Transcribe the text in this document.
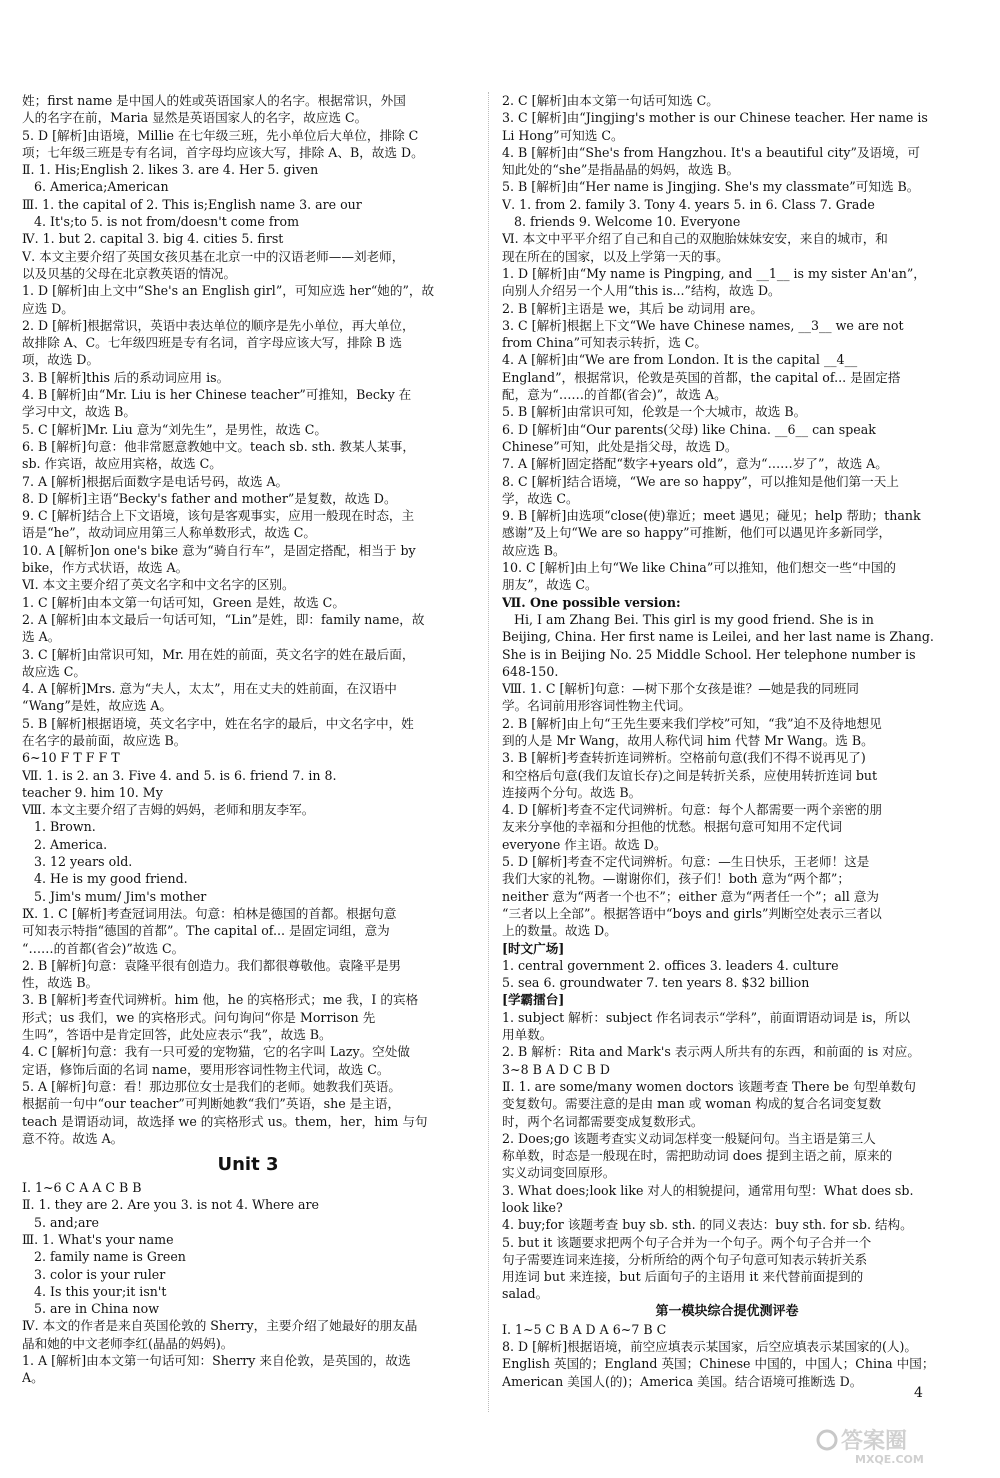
姓；first name 是中国人的姓或英语国家人的名字。根据常识，外国
人的名字在前，Maria 显然是英语国家人的名字，故应选 C。
5. D [解析]由语境，Millie 在七年级三班，先小单位后大单位，排除 C
项；七年级三班是专有名词，首字母均应该大写，排除 A、B，故选 D。
Ⅱ. 1. His;English 2. likes 3. are 4. Her 5. given
6. America;American
Ⅲ. 1. the capital of 2. This is;English name 3. are our
4. It's;to 5. is not from/doesn't come from
Ⅳ. 1. but 2. capital 3. big 4. cities 5. first
Ⅴ. 本文主要介绍了英国女孩贝基在北京一中的汉语老师——刘老师，
以及贝基的父母在北京教英语的情况。
1. D [解析]由上文中“She's an English girl”，可知应选 her“她的”，故
应选 D。
2. D [解析]根据常识，英语中表达单位的顺序是先小单位，再大单位，
故排除 A、C。七年级四班是专有名词，首字母应该大写，排除 B 选
项，故选 D。
3. B [解析]this 后的系动词应用 is。
4. B [解析]由“Mr. Liu is her Chinese teacher”可推知，Becky 在
学习中文，故选 B。
5. C [解析]Mr. Liu 意为“刘先生”，是男性，故选 C。
6. B [解析]句意：他非常愿意教她中文。teach sb. sth. 教某人某事，
sb. 作宾语，故应用宾格，故选 C。
7. A [解析]根据后面数字是电话号码，故选 A。
8. D [解析]主语“Becky's father and mother”是复数，故选 D。
9. C [解析]结合上下文语境，该句是客观事实，应用一般现在时态，主
语是“he”，故动词应用第三人称单数形式，故选 C。
10. A [解析]on one's bike 意为“骑自行车”，是固定搭配，相当于 by
bike，作方式状语，故选 A。
Ⅵ. 本文主要介绍了英文名字和中文名字的区别。
1. C [解析]由本文第一句话可知，Green 是姓，故选 C。
2. A [解析]由本文最后一句话可知，“Lin”是姓，即：family name，故
选 A。
3. C [解析]由常识可知，Mr. 用在姓的前面，英文名字的姓在最后面，
故应选 C。
4. A [解析]Mrs. 意为“夫人，太太”，用在丈夫的姓前面，在汉语中
“Wang”是姓，故应选 A。
5. B [解析]根据语境，英文名字中，姓在名字的最后，中文名字中，姓
在名字的最前面，故应选 B。
6~10 F T F F T
Ⅶ. 1. is 2. an 3. Five 4. and 5. is 6. friend 7. in 8.
teacher 9. him 10. My
Ⅷ. 本文主要介绍了吉姆的妈妈，老师和朋友李军。
1. Brown.
2. America.
3. 12 years old.
4. He is my good friend.
5. Jim's mum/ Jim's mother
Ⅸ. 1. C [解析]考查冠词用法。句意：柏林是德国的首都。根据句意
可知表示特指“德国的首都”。The capital of... 是固定词组，意为
“……的首都(省会)”故选 C。
2. B [解析]句意：袁隆平很有创造力。我们都很尊敬他。袁隆平是男
性，故选 B。
3. B [解析]考查代词辨析。him 他，he 的宾格形式；me 我，I 的宾格
形式；us 我们，we 的宾格形式。问句询问“你是 Morrison 先
生吗”，答语中是肯定回答，此处应表示“我”，故选 B。
4. C [解析]句意：我有一只可爱的宠物猫，它的名字叫 Lazy。空处做
定语，修饰后面的名词 name，要用形容词性物主代词，故选 C。
5. A [解析]句意：看！那边那位女士是我们的老师。她教我们英语。
根据前一句中“our teacher”可判断她教“我们”英语，she 是主语，
teach 是谓语动词，故选择 we 的宾格形式 us。them，her，him 与句
意不符。故选 A。
Unit 3
Ⅰ. 1~6 C A A C B B
Ⅱ. 1. they are 2. Are you 3. is not 4. Where are
5. and;are
Ⅲ. 1. What's your name
2. family name is Green
3. color is your ruler
4. Is this your;it isn't
5. are in China now
Ⅳ. 本文的作者是来自英国伦敦的 Sherry，主要介绍了她最好的朋友晶
晶和她的中文老师李红(晶晶的妈妈)。
1. A [解析]由本文第一句话可知：Sherry 来自伦敦，是英国的，故选
A。
2. C [解析]由本文第一句话可知选 C。
3. C [解析]由“Jingjing's mother is our Chinese teacher. Her name is
Li Hong”可知选 C。
4. B [解析]由“She's from Hangzhou. It's a beautiful city”及语境，可
知此处的“she”是指晶晶的妈妈，故选 B。
5. B [解析]由“Her name is Jingjing. She's my classmate”可知选 B。
Ⅴ. 1. from 2. family 3. Tony 4. years 5. in 6. Class 7. Grade
8. friends 9. Welcome 10. Everyone
Ⅵ. 本文中平平介绍了自己和自己的双胞胎妹妹安安，来自的城市，和
现在所在的国家，以及上学第一天的事。
1. D [解析]由“My name is Pingping, and __1__ is my sister An'an”，
向别人介绍另一个人用“this is...”结构，故选 D。
2. B [解析]主语是 we，其后 be 动词用 are。
3. C [解析]根据上下文“We have Chinese names, __3__ we are not
from China”可知表示转折，选 C。
4. A [解析]由“We are from London. It is the capital __4__
England”，根据常识，伦敦是英国的首都，the capital of... 是固定搭
配，意为“……的首都(省会)”，故选 A。
5. B [解析]由常识可知，伦敦是一个大城市，故选 B。
6. D [解析]由“Our parents(父母) like China. __6__ can speak
Chinese”可知，此处是指父母，故选 D。
7. A [解析]固定搭配“数字+years old”，意为“……岁了”，故选 A。
8. C [解析]结合语境，“We are so happy”，可以推知是他们第一天上
学，故选 C。
9. B [解析]由选项“close(使)靠近；meet 遇见；碰见；help 帮助；thank
感谢”及上句“We are so happy”可推断，他们可以遇见许多新同学，
故应选 B。
10. C [解析]由上句“We like China”可以推知，他们想交一些“中国的
朋友”，故选 C。
Ⅶ. One possible version:
Hi, I am Zhang Bei. This girl is my good friend. She is in
Beijing, China. Her first name is Leilei, and her last name is Zhang.
She is in Beijing No. 25 Middle School. Her telephone number is
648-150.
Ⅷ. 1. C [解析]句意：—树下那个女孩是谁？—她是我的同班同
学。名词前用形容词性物主代词。
2. B [解析]由上句“王先生要来我们学校”可知，“我”迫不及待地想见
到的人是 Mr Wang，故用人称代词 him 代替 Mr Wang。选 B。
3. B [解析]考查转折连词辨析。空格前句意(我们不得不说再见了)
和空格后句意(我们友谊长存)之间是转折关系，应使用转折连词 but
连接两个分句。故选 B。
4. D [解析]考查不定代词辨析。句意：每个人都需要一两个亲密的朋
友来分享他的幸福和分担他的忧愁。根据句意可知用不定代词
everyone 作主语。故选 D。
5. D [解析]考查不定代词辨析。句意：—生日快乐，王老师！这是
我们大家的礼物。—谢谢你们，孩子们！both 意为“两个都”；
neither 意为“两者一个也不”；either 意为“两者任一个”；all 意为
“三者以上全部”。根据答语中“boys and girls”判断空处表示三者以
上的数量。故选 D。
[时文广场]
1. central government 2. offices 3. leaders 4. culture
5. sea 6. groundwater 7. ten years 8. $32 billion
[学霸擂台]
1. subject 解析：subject 作名词表示“学科”，前面谓语动词是 is，所以
用单数。
2. B 解析：Rita and Mark's 表示两人所共有的东西，和前面的 is 对应。
3~8 B A D C B D
Ⅱ. 1. are some/many women doctors 该题考查 There be 句型单数句
变复数句。需要注意的是由 man 或 woman 构成的复合名词变复数
时，两个名词都需要变成复数形式。
2. Does;go 该题考查实义动词怎样变一般疑问句。当主语是第三人
称单数，时态是一般现在时，需把助动词 does 提到主语之前，原来的
实义动词变回原形。
3. What does;look like 对人的相貌提问，通常用句型：What does sb.
look like?
4. buy;for 该题考查 buy sb. sth. 的同义表达：buy sth. for sb. 结构。
5. but it 该题要求把两个句子合并为一个句子。两个句子合并一个
句子需要连词来连接，分析所给的两个句子句意可知表示转折关系
用连词 but 来连接，but 后面句子的主语用 it 来代替前面提到的
salad。
第一模块综合提优测评卷
Ⅰ. 1~5 C B A D A 6~7 B C
8. D [解析]根据语境，前空应填表示某国家，后空应填表示某国家的(人)。
English 英国的；England 英国；Chinese 中国的，中国人；China 中国；
American 美国人(的)；America 美国。结合语境可推断选 D。
4
答案圈
MXQE.COM
